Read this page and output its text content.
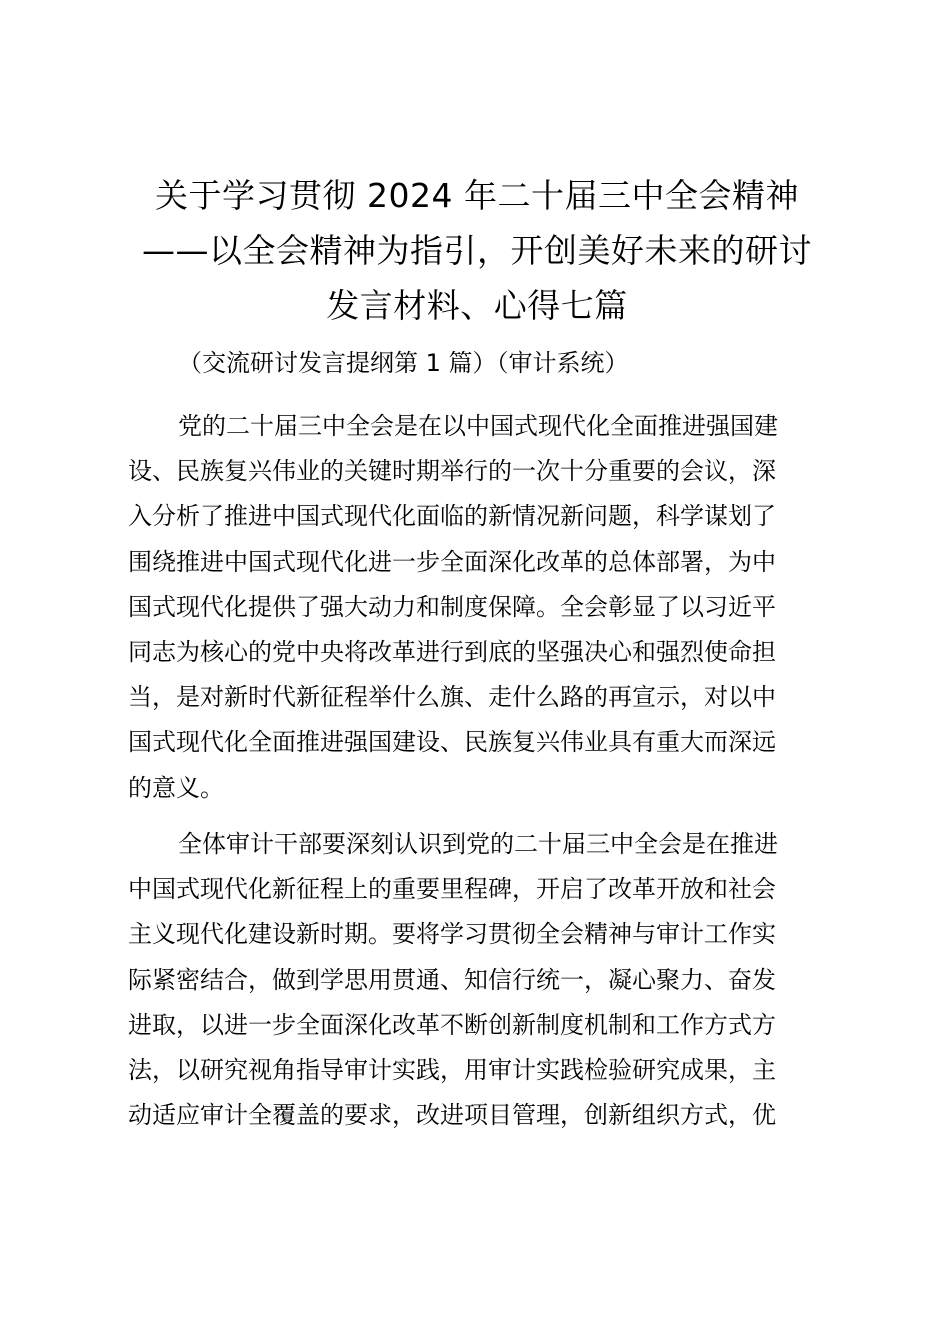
关于学习贯彻 2024 年二十届三中全会精神
——以全会精神为指引，开创美好未来的研讨
发言材料、心得七篇

（交流研讨发言提纲第 1 篇）（审计系统）

党的二十届三中全会是在以中国式现代化全面推进强国建
设、民族复兴伟业的关键时期举行的一次十分重要的会议，深
入分析了推进中国式现代化面临的新情况新问题，科学谋划了
围绕推进中国式现代化进一步全面深化改革的总体部署，为中
国式现代化提供了强大动力和制度保障。全会彰显了以习近平
同志为核心的党中央将改革进行到底的坚强决心和强烈使命担
当，是对新时代新征程举什么旗、走什么路的再宣示，对以中
国式现代化全面推进强国建设、民族复兴伟业具有重大而深远
的意义。

全体审计干部要深刻认识到党的二十届三中全会是在推进
中国式现代化新征程上的重要里程碑，开启了改革开放和社会
主义现代化建设新时期。要将学习贯彻全会精神与审计工作实
际紧密结合，做到学思用贯通、知信行统一，凝心聚力、奋发
进取，以进一步全面深化改革不断创新制度机制和工作方式方
法，以研究视角指导审计实践，用审计实践检验研究成果，主
动适应审计全覆盖的要求，改进项目管理，创新组织方式，优
